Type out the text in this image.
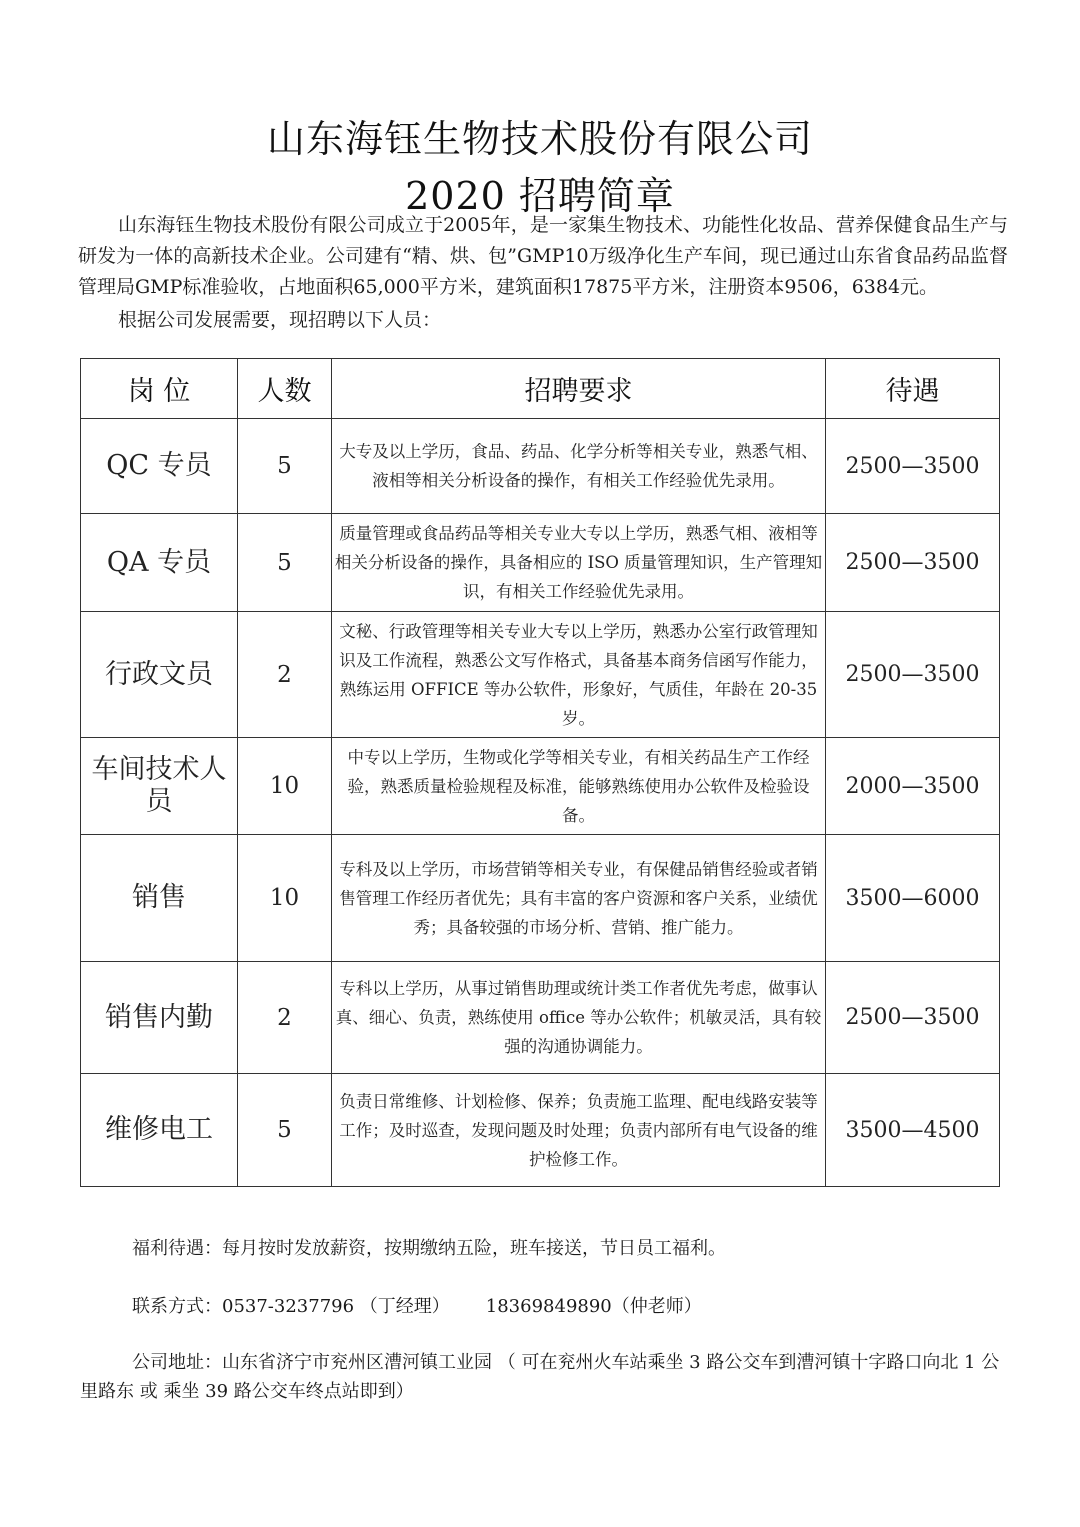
山东海钰生物技术股份有限公司
2020 招聘简章
山东海钰生物技术股份有限公司成立于2005年，是一家集生物技术、功能性化妆品、营养保健食品生产与研发为一体的高新技术企业。公司建有“精、烘、包”GMP10万级净化生产车间，现已通过山东省食品药品监督管理局GMP标准验收，占地面积65,000平方米，建筑面积17875平方米，注册资本9506，6384元。
根据公司发展需要，现招聘以下人员：
岗 位	人数	招聘要求	待遇
QC 专员	5	大专及以上学历，食品、药品、化学分析等相关专业，熟悉气相、液相等相关分析设备的操作，有相关工作经验优先录用。	2500—3500
QA 专员	5	质量管理或食品药品等相关专业大专以上学历，熟悉气相、液相等相关分析设备的操作，具备相应的 ISO 质量管理知识，生产管理知识，有相关工作经验优先录用。	2500—3500
行政文员	2	文秘、行政管理等相关专业大专以上学历，熟悉办公室行政管理知识及工作流程，熟悉公文写作格式，具备基本商务信函写作能力，熟练运用 OFFICE 等办公软件，形象好，气质佳，年龄在 20-35 岁。	2500—3500
车间技术人员	10	中专以上学历，生物或化学等相关专业，有相关药品生产工作经验，熟悉质量检验规程及标准，能够熟练使用办公软件及检验设备。	2000—3500
销售	10	专科及以上学历，市场营销等相关专业，有保健品销售经验或者销售管理工作经历者优先；具有丰富的客户资源和客户关系，业绩优秀；具备较强的市场分析、营销、推广能力。	3500—6000
销售内勤	2	专科以上学历，从事过销售助理或统计类工作者优先考虑，做事认真、细心、负责，熟练使用 office 等办公软件；机敏灵活，具有较强的沟通协调能力。	2500—3500
维修电工	5	负责日常维修、计划检修、保养；负责施工监理、配电线路安装等工作；及时巡查，发现问题及时处理；负责内部所有电气设备的维护检修工作。	3500—4500
福利待遇：每月按时发放薪资，按期缴纳五险，班车接送，节日员工福利。
联系方式：0537-3237796 （丁经理） 18369849890（仲老师）
公司地址：山东省济宁市兖州区漕河镇工业园 （ 可在兖州火车站乘坐 3 路公交车到漕河镇十字路口向北 1 公里路东 或 乘坐 39 路公交车终点站即到）
